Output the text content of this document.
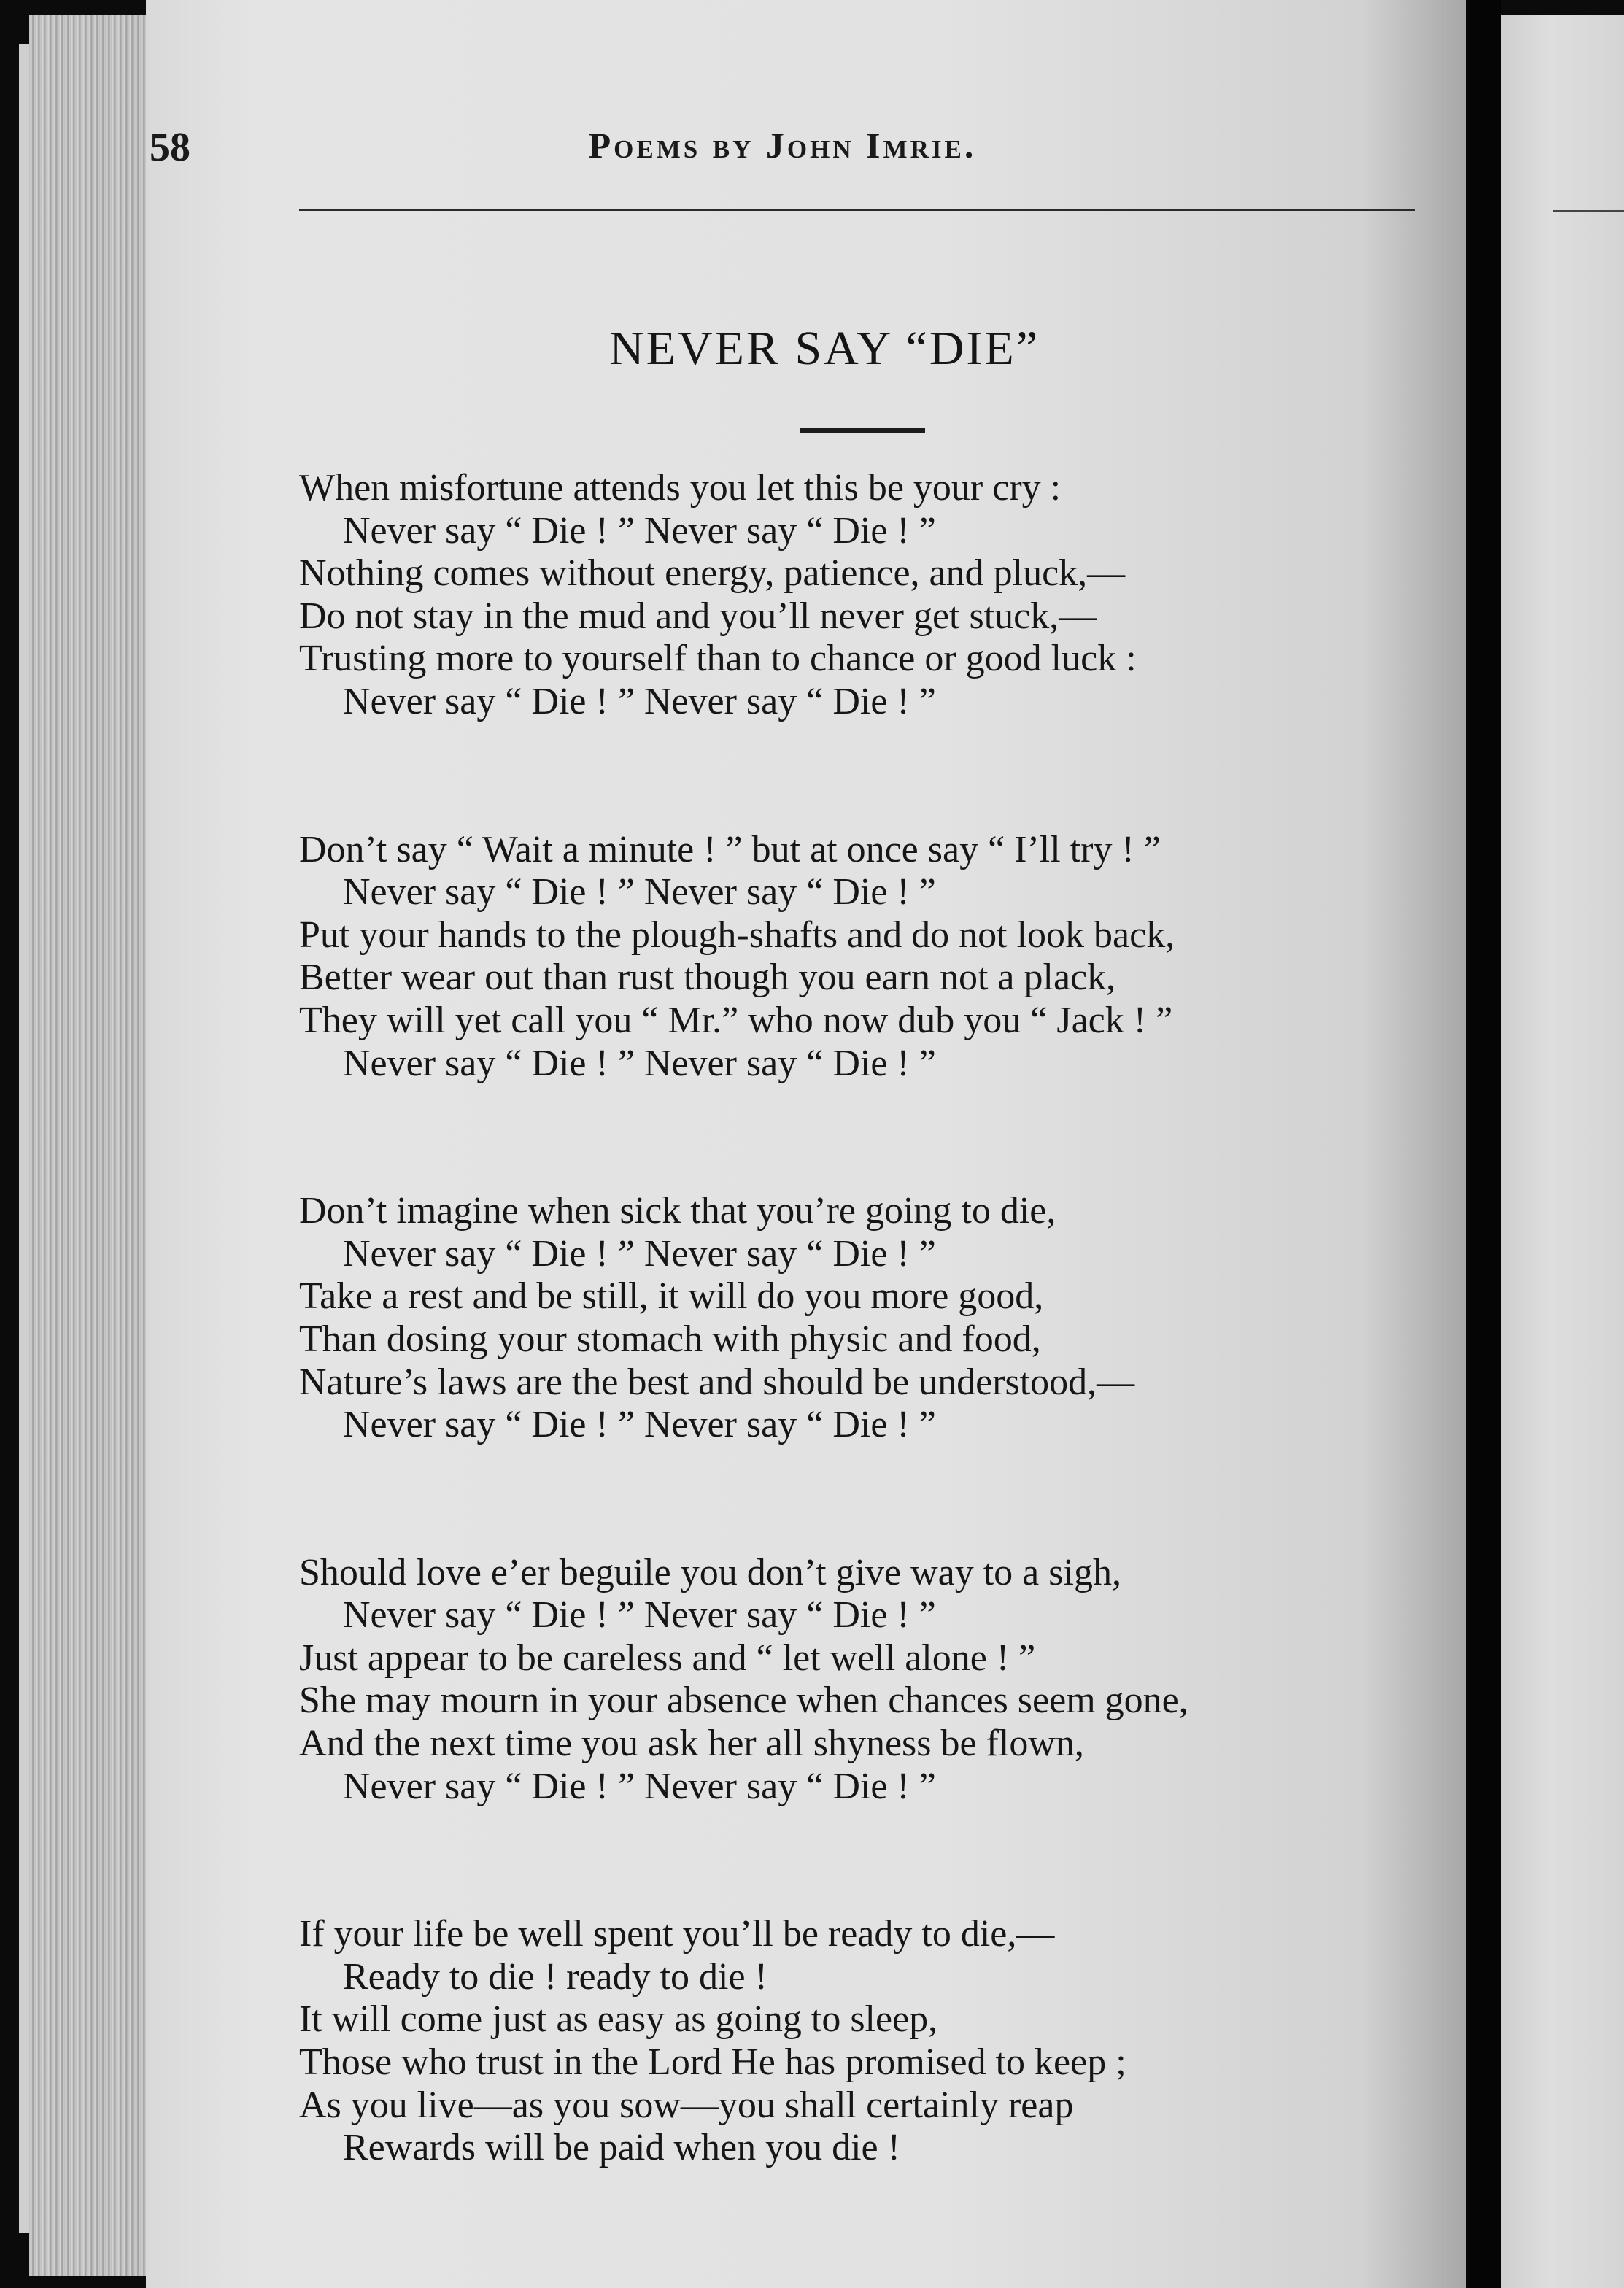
58	Poems by John Imrie.
NEVER SAY “DIE”
When misfortune attends you let this be your cry :
Never say “ Die ! ” Never say “ Die ! ”
Nothing comes without energy, patience, and pluck,—
Do not stay in the mud and you’ll never get stuck,—
Trusting more to yourself than to chance or good luck :
Never say “ Die ! ” Never say “ Die ! ”
Don’t say “ Wait a minute ! ” but at once say “ I’ll try ! ”
Never say “ Die ! ” Never say “ Die ! ”
Put your hands to the plough-shafts and do not look back,
Better wear out than rust though you earn not a plack,
They will yet call you “ Mr.” who now dub you “ Jack ! ”
Never say “ Die ! ” Never say “ Die ! ”
Don’t imagine when sick that you’re going to die,
Never say “ Die ! ” Never say “ Die ! ”
Take a rest and be still, it will do you more good,
Than dosing your stomach with physic and food,
Nature’s laws are the best and should be understood,—
Never say “ Die ! ” Never say “ Die ! ”
Should love e’er beguile you don’t give way to a sigh,
Never say “ Die ! ” Never say “ Die ! ”
Just appear to be careless and “ let well alone ! ”
She may mourn in your absence when chances seem gone,
And the next time you ask her all shyness be flown,
Never say “ Die ! ” Never say “ Die ! ”
If your life be well spent you’ll be ready to die,—
Ready to die ! ready to die !
It will come just as easy as going to sleep,
Those who trust in the Lord He has promised to keep ;
As you live—as you sow—you shall certainly reap
Rewards will be paid when you die !
